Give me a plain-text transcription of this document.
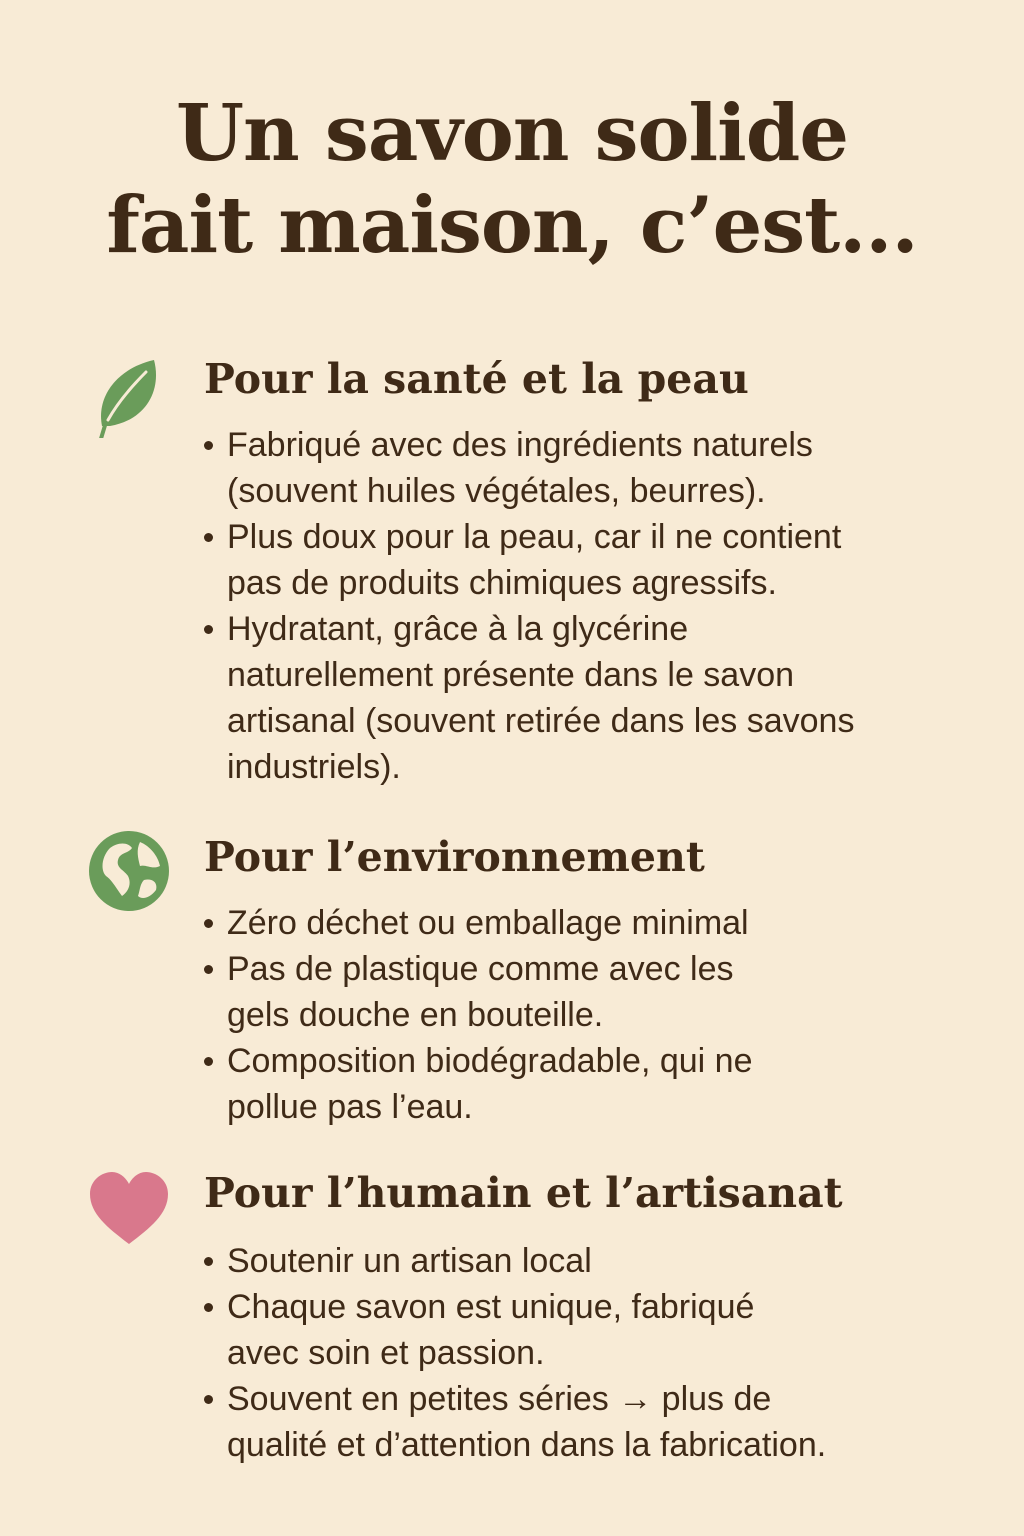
Un savon solide
fait maison, c’est...
Pour la santé et la peau
Fabriqué avec des ingrédients naturels
(souvent huiles végétales, beurres).
Plus doux pour la peau, car il ne contient
pas de produits chimiques agressifs.
Hydratant, grâce à la glycérine
naturellement présente dans le savon
artisanal (souvent retirée dans les savons
industriels).
Pour l’environnement
Zéro déchet ou emballage minimal
Pas de plastique comme avec les
gels douche en bouteille.
Composition biodégradable, qui ne
pollue pas l’eau.
Pour l’humain et l’artisanat
Soutenir un artisan local
Chaque savon est unique, fabriqué
avec soin et passion.
Souvent en petites séries → plus de
qualité et d’attention dans la fabrication.
